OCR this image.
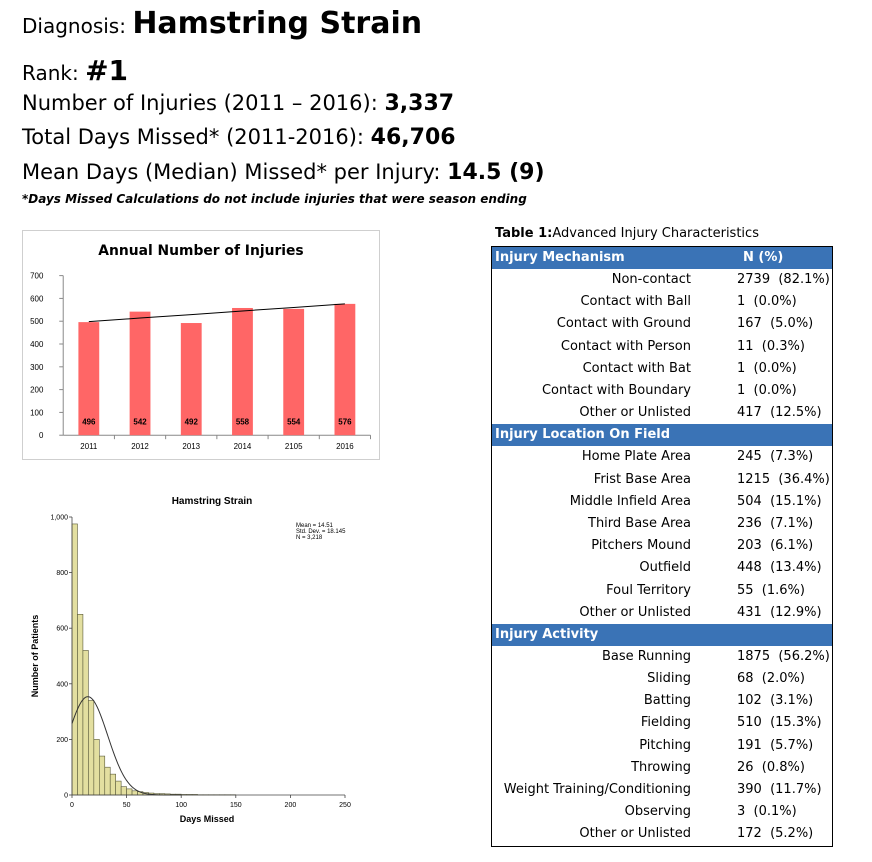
Diagnosis: Hamstring Strain
Rank: #1
Number of Injuries (2011 – 2016): 3,337
Total Days Missed* (2011-2016): 46,706
Mean Days (Median) Missed* per Injury: 14.5 (9)
*Days Missed Calculations do not include injuries that were season ending
Annual Number of Injuries
0
100
200
300
400
500
600
700
496
2011
542
2012
492
2013
558
2014
554
2105
576
2016
Hamstring Strain
0
200
400
600
800
1,000
0	50	100	150	200	250
Days Missed
Number of Patients
Mean = 14.51
Std. Dev. = 18.145
N = 3,218
Table 1:Advanced Injury Characteristics
Injury Mechanism	N (%)
Non-contact	2739  (82.1%)
Contact with Ball	1  (0.0%)
Contact with Ground	167  (5.0%)
Contact with Person	11  (0.3%)
Contact with Bat	1  (0.0%)
Contact with Boundary	1  (0.0%)
Other or Unlisted	417  (12.5%)
Injury Location On Field	
Home Plate Area	245  (7.3%)
Frist Base Area	1215  (36.4%)
Middle Infield Area	504  (15.1%)
Third Base Area	236  (7.1%)
Pitchers Mound	203  (6.1%)
Outfield	448  (13.4%)
Foul Territory	55  (1.6%)
Other or Unlisted	431  (12.9%)
Injury Activity	
Base Running	1875  (56.2%)
Sliding	68  (2.0%)
Batting	102  (3.1%)
Fielding	510  (15.3%)
Pitching	191  (5.7%)
Throwing	26  (0.8%)
Weight Training/Conditioning	390  (11.7%)
Observing	3  (0.1%)
Other or Unlisted	172  (5.2%)
